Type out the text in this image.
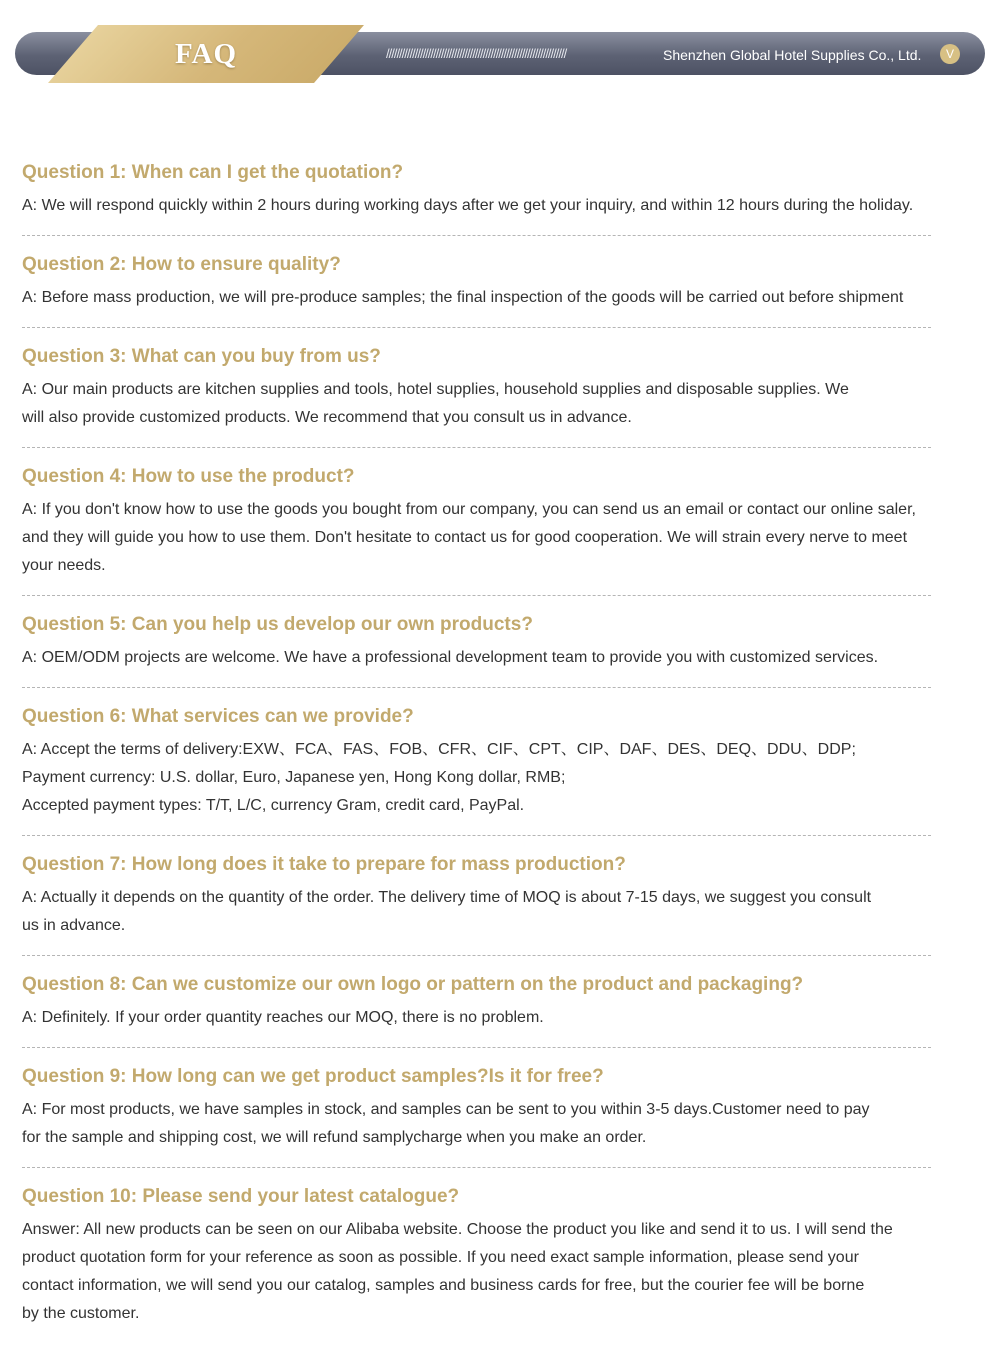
FAQ	/////////////////////////////////////////////////////////////////////	Shenzhen Global Hotel Supplies Co., Ltd.	V

Question 1: When can I get the quotation?

A: We will respond quickly within 2 hours during working days after we get your inquiry, and within 12 hours during the holiday.

Question 2: How to ensure quality?

A: Before mass production, we will pre-produce samples; the final inspection of the goods will be carried out before shipment

Question 3: What can you buy from us?

A: Our main products are kitchen supplies and tools, hotel supplies, household supplies and disposable supplies. We

will also provide customized products. We recommend that you consult us in advance.

Question 4: How to use the product?

A: If you don't know how to use the goods you bought from our company, you can send us an email or contact our online saler,

and they will guide you how to use them. Don't hesitate to contact us for good cooperation. We will strain every nerve to meet

your needs.

Question 5: Can you help us develop our own products?

A: OEM/ODM projects are welcome. We have a professional development team to provide you with customized services.

Question 6: What services can we provide?

A: Accept the terms of delivery:EXW、FCA、FAS、FOB、CFR、CIF、CPT、CIP、DAF、DES、DEQ、DDU、DDP;

Payment currency: U.S. dollar, Euro, Japanese yen, Hong Kong dollar, RMB;

Accepted payment types: T/T, L/C, currency Gram, credit card, PayPal.

Question 7: How long does it take to prepare for mass production?

A: Actually it depends on the quantity of the order. The delivery time of MOQ is about 7-15 days, we suggest you consult

us in advance.

Question 8: Can we customize our own logo or pattern on the product and packaging?

A: Definitely. If your order quantity reaches our MOQ, there is no problem.

Question 9: How long can we get product samples?Is it for free?

A: For most products, we have samples in stock, and samples can be sent to you within 3-5 days.Customer need to pay

for the sample and shipping cost, we will refund samplycharge when you make an order.

Question 10: Please send your latest catalogue?

Answer: All new products can be seen on our Alibaba website. Choose the product you like and send it to us. I will send the

product quotation form for your reference as soon as possible. If you need exact sample information, please send your

contact information, we will send you our catalog, samples and business cards for free, but the courier fee will be borne

by the customer.
